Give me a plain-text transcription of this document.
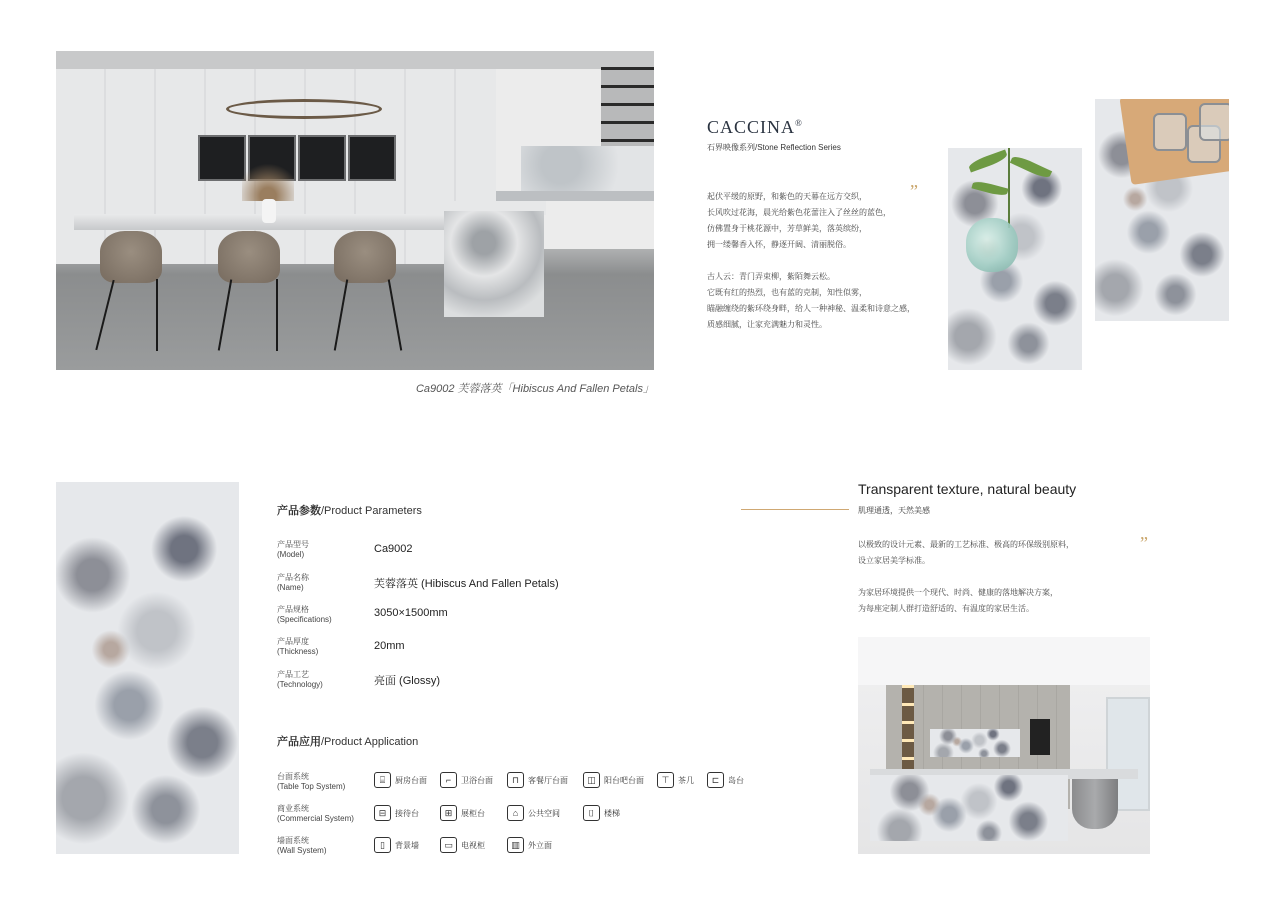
Ca9002 芙蓉落英「Hibiscus And Fallen Petals」
CACCINA®
石界映像系列/Stone Reflection Series
”
起伏平缓的原野，和紫色的天幕在远方交织，
长风吹过花海，晨光给紫色花蕾注入了丝丝的蓝色，
仿佛置身于桃花源中，芳草鲜美，落英缤纷，
拥一缕馨香入怀，静逐开阔、清丽脱俗。
古人云：青门弄束柳，紫陌舞云松。
它既有红的热烈，也有蓝的克制，知性似雾，
瞄融缠绕的紫环绕身畔，给人一种神秘、温柔和诗意之感，
质感细腻，让家充满魅力和灵性。
产品参数/Product Parameters
产品型号
(Model)	Ca9002
产品名称
(Name)	芙蓉落英 (Hibiscus And Fallen Petals)
产品规格
(Specifications)
3050×1500mm
产品厚度
(Thickness)	20mm
产品工艺
(Technology)	亮面 (Glossy)
产品应用/Product Application
台面系统
(Table Top System)
⌸	厨房台面	⌐	卫浴台面	⊓	客餐厅台面	◫	阳台吧台面	⊤	茶几	⊏	岛台
商业系统
(Commercial System)
⊟	接待台	⊞	展柜台	⌂	公共空间	⌷	楼梯
墙面系统
(Wall System)
▯	背景墙	▭	电视柜	▥	外立面
Transparent texture, natural beauty
肌理通透，天然美感
”
以极致的设计元素、最新的工艺标准、极高的环保级别原料，
设立家居美学标准。
为家居环境提供一个现代、时尚、健康的落地解决方案，
为每座定制人群打造舒适的、有温度的家居生活。
